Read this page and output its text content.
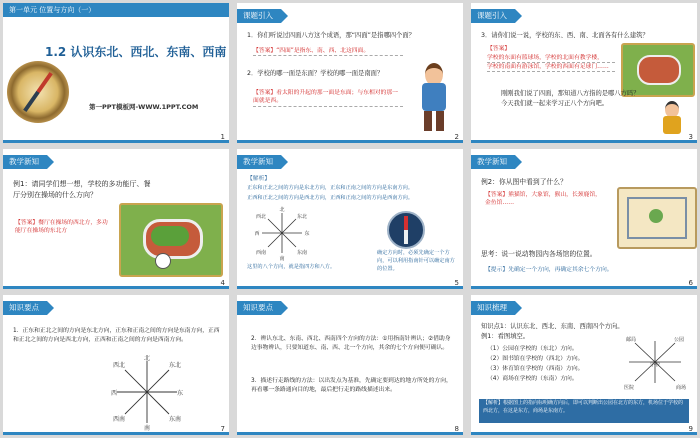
第一单元 位置与方向（一）
1.2 认识东北、西北、东南、西南
第一PPT模板网-WWW.1PPT.COM
1
课题引入
1．你们听说过四面八方这个成语，那“四面”是指哪四个面？
【答案】“四面”是指东、南、西、北这四面。
2．学校的哪一面是东面？学校的哪一面是南面？
【答案】看太阳的升起的那一面是东面；与东相对的那一面就是西。
2
课题引入
3．请你们说一说，学校的东、西、南、北面各有什么建筑？
【答案】
学校的东面有篮球场，学校的北面有教学楼，
学校的南面有游泳馆，学校的西面有足球门……
刚刚我们说了四面，那知道八方指的是哪八方吗？
今天我们就一起来学习正八个方向吧。
3
教学新知
例1：请同学们想一想，学校的多功能厅、餐厅分别在操场的什么方向？
【答案】餐厅在操场的西北方，多功能厅在操场的东北方
4
教学新知
【解析】
正东和正北之间的方向是东北方向，正东和正南之间的方向是东南方向。
正西和正北之间的方向是西北方向，正西和正南之间的方向是西南方向。
北
东北
东
东南
南
西南
西
西北
这里的八个方向，就是指四方和八方。
确定方向时，必须先确定一个方向，可以利用指南针可以确定南方的位置。
5
教学新知
例2：你从图中看到了什么？
【答案】熊猫馆，大象馆，猴山，长颈鹿馆，金鱼馆……
思考：说一说动物园内各场馆的位置。
【提示】先确定一个方向，再确定其余七个方向。
6
知识要点
1．正东和正北之间的方向是东北方向，正东和正南之间的方向是东南方向，正西和正北之间的方向是西北方向，正西和正南之间的方向是西南方向。
北
东北
东
东南
南
西南
西
西北
7
知识要点
2．辨认东北、东南、西北、西南四个方向的方法：①用指南针辨认；②借助身边事物辨认，只要知道东、南、西、北一个方向，其余的七个方向便可确认。
3．描述行走路线的方法：以出发点为基准，先确定要到达的地方所处的方向，再看哪一条路通向目的地，最后把行走的路线描述出来。
8
知识梳理
知识点1：认识东北、西北、东南、西南四个方向。
例1：看图填空。
（1）公园在学校的（东北）方向。
（2）图书馆在学校的（西北）方向。
（3）体育馆在学校的（西南）方向。
（4）商场在学校的（东南）方向。
邮局	公园
学校
医院	商场
【解析】根据图上的指向标明确方向后，即可以判断出公园在北方的东方，机场位于学校的西北方，在这是东方，商场是东南方。
9
